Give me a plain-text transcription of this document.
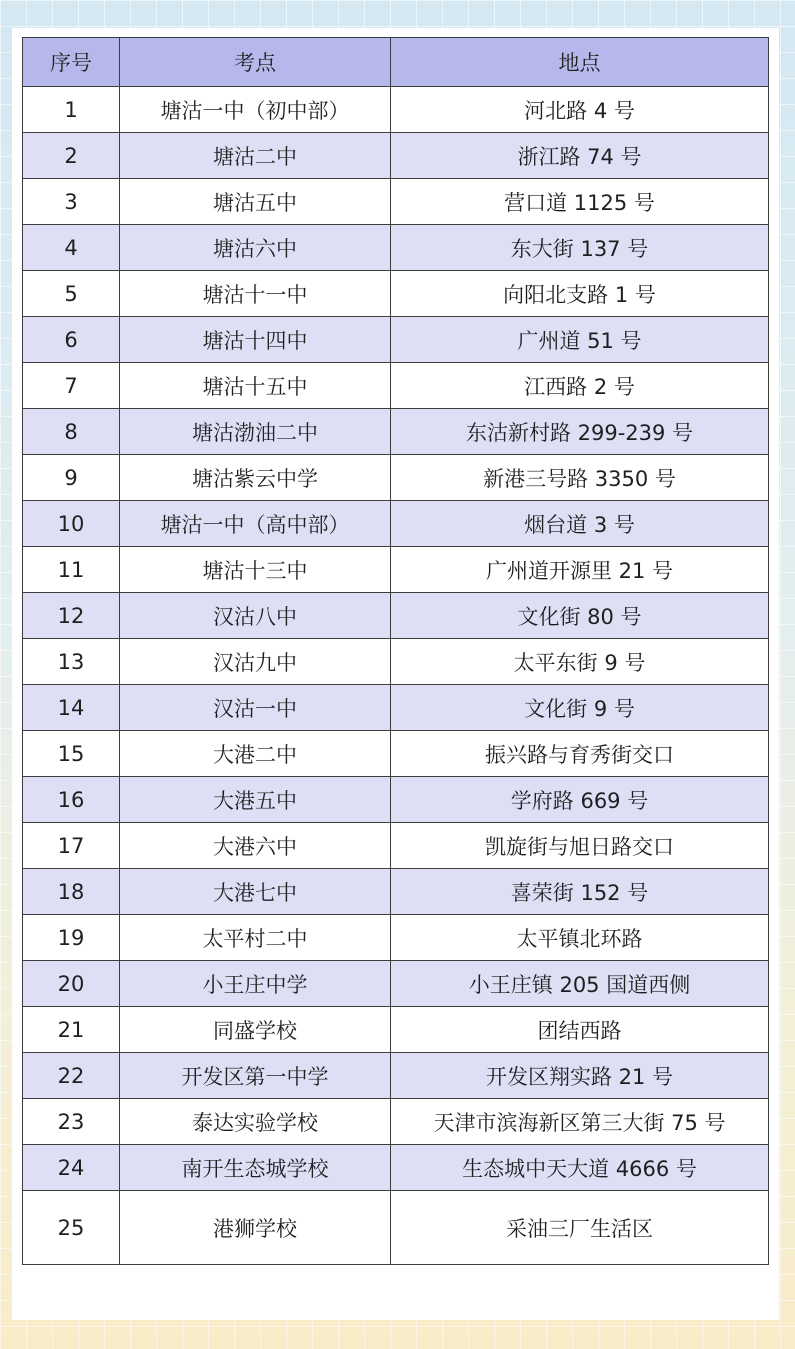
序号	考点	地点
1	塘沽一中（初中部）	河北路 4 号
2	塘沽二中	浙江路 74 号
3	塘沽五中	营口道 1125 号
4	塘沽六中	东大街 137 号
5	塘沽十一中	向阳北支路 1 号
6	塘沽十四中	广州道 51 号
7	塘沽十五中	江西路 2 号
8	塘沽渤油二中	东沽新村路 299-239 号
9	塘沽紫云中学	新港三号路 3350 号
10	塘沽一中（高中部）	烟台道 3 号
11	塘沽十三中	广州道开源里 21 号
12	汉沽八中	文化街 80 号
13	汉沽九中	太平东街 9 号
14	汉沽一中	文化街 9 号
15	大港二中	振兴路与育秀街交口
16	大港五中	学府路 669 号
17	大港六中	凯旋街与旭日路交口
18	大港七中	喜荣街 152 号
19	太平村二中	太平镇北环路
20	小王庄中学	小王庄镇 205 国道西侧
21	同盛学校	团结西路
22	开发区第一中学	开发区翔实路 21 号
23	泰达实验学校	天津市滨海新区第三大街 75 号
24	南开生态城学校	生态城中天大道 4666 号
25	港狮学校	采油三厂生活区
